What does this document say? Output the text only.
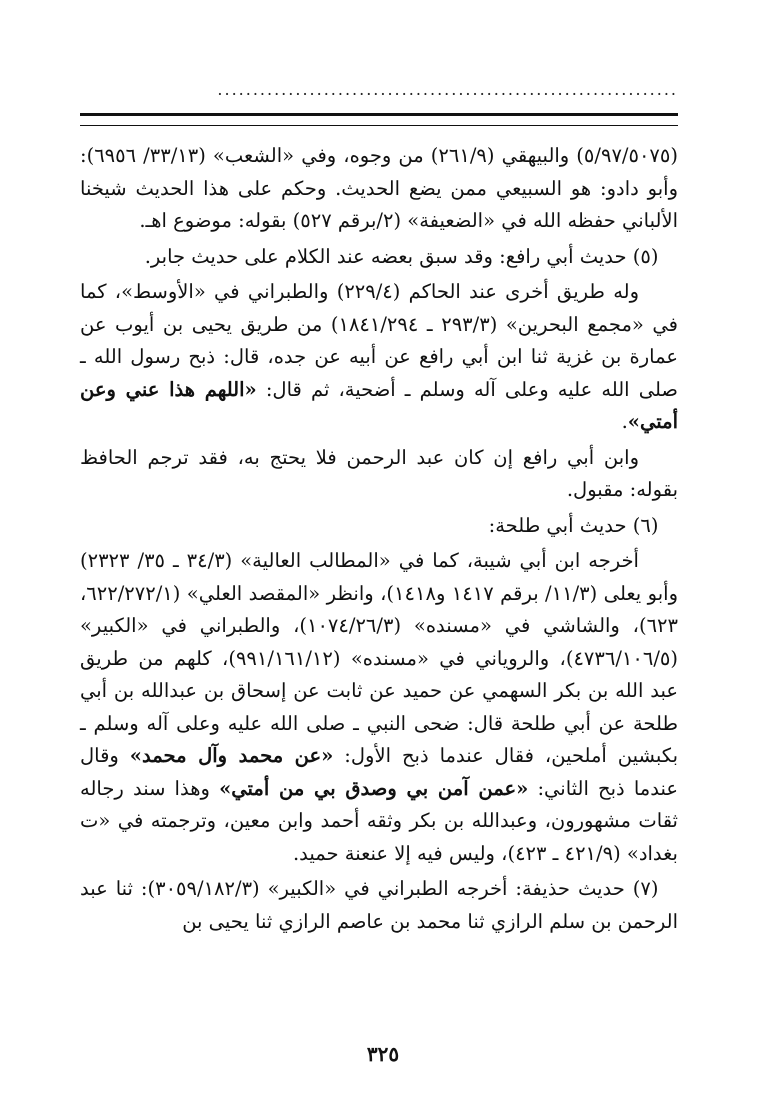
.................................................................

(٥/٩٧/٥٠٧٥) والبيهقي (٢٦١/٩) من وجوه، وفي «الشعب» (٣٣/١٣/ ٦٩٥٦): وأبو دادو: هو السبيعي ممن يضع الحديث. وحكم على هذا الحديث شيخنا الألباني حفظه الله في «الضعيفة» (٢/برقم ٥٢٧) بقوله: موضوع اهـ.

(٥) حديث أبي رافع: وقد سبق بعضه عند الكلام على حديث جابر.

وله طريق أخرى عند الحاكم (٢٢٩/٤) والطبراني في «الأوسط»، كما في «مجمع البحرين» (٢٩٣/٣ ـ ١٨٤١/٢٩٤) من طريق يحيى بن أيوب عن عمارة بن غزية ثنا ابن أبي رافع عن أبيه عن جده، قال: ذبح رسول الله ـ صلى الله عليه وعلى آله وسلم ـ أضحية، ثم قال: «اللهم هذا عني وعن أمتي».

وابن أبي رافع إن كان عبد الرحمن فلا يحتج به، فقد ترجم الحافظ بقوله: مقبول.

(٦) حديث أبي طلحة:

أخرجه ابن أبي شيبة، كما في «المطالب العالية» (٣٤/٣ ـ ٣٥/ ٢٣٢٣) وأبو يعلى (١١/٣/ برقم ١٤١٧ و١٤١٨)، وانظر «المقصد العلي» (٦٢٢/٢٧٢/١، ٦٢٣)، والشاشي في «مسنده» (١٠٧٤/٢٦/٣)، والطبراني في «الكبير» (٤٧٣٦/١٠٦/٥)، والروياني في «مسنده» (٩٩١/١٦١/١٢)، كلهم من طريق عبد الله بن بكر السهمي عن حميد عن ثابت عن إسحاق بن عبدالله بن أبي طلحة عن أبي طلحة قال: ضحى النبي ـ صلى الله عليه وعلى آله وسلم ـ بكبشين أملحين، فقال عندما ذبح الأول: «عن محمد وآل محمد» وقال عندما ذبح الثاني: «عمن آمن بي وصدق بي من أمتي» وهذا سند رجاله ثقات مشهورون، وعبدالله بن بكر وثقه أحمد وابن معين، وترجمته في «ت بغداد» (٤٢١/٩ ـ ٤٢٣)، وليس فيه إلا عنعنة حميد.

(٧) حديث حذيفة: أخرجه الطبراني في «الكبير» (٣٠٥٩/١٨٢/٣): ثنا عبد الرحمن بن سلم الرازي ثنا محمد بن عاصم الرازي ثنا يحيى بن

٣٢٥
